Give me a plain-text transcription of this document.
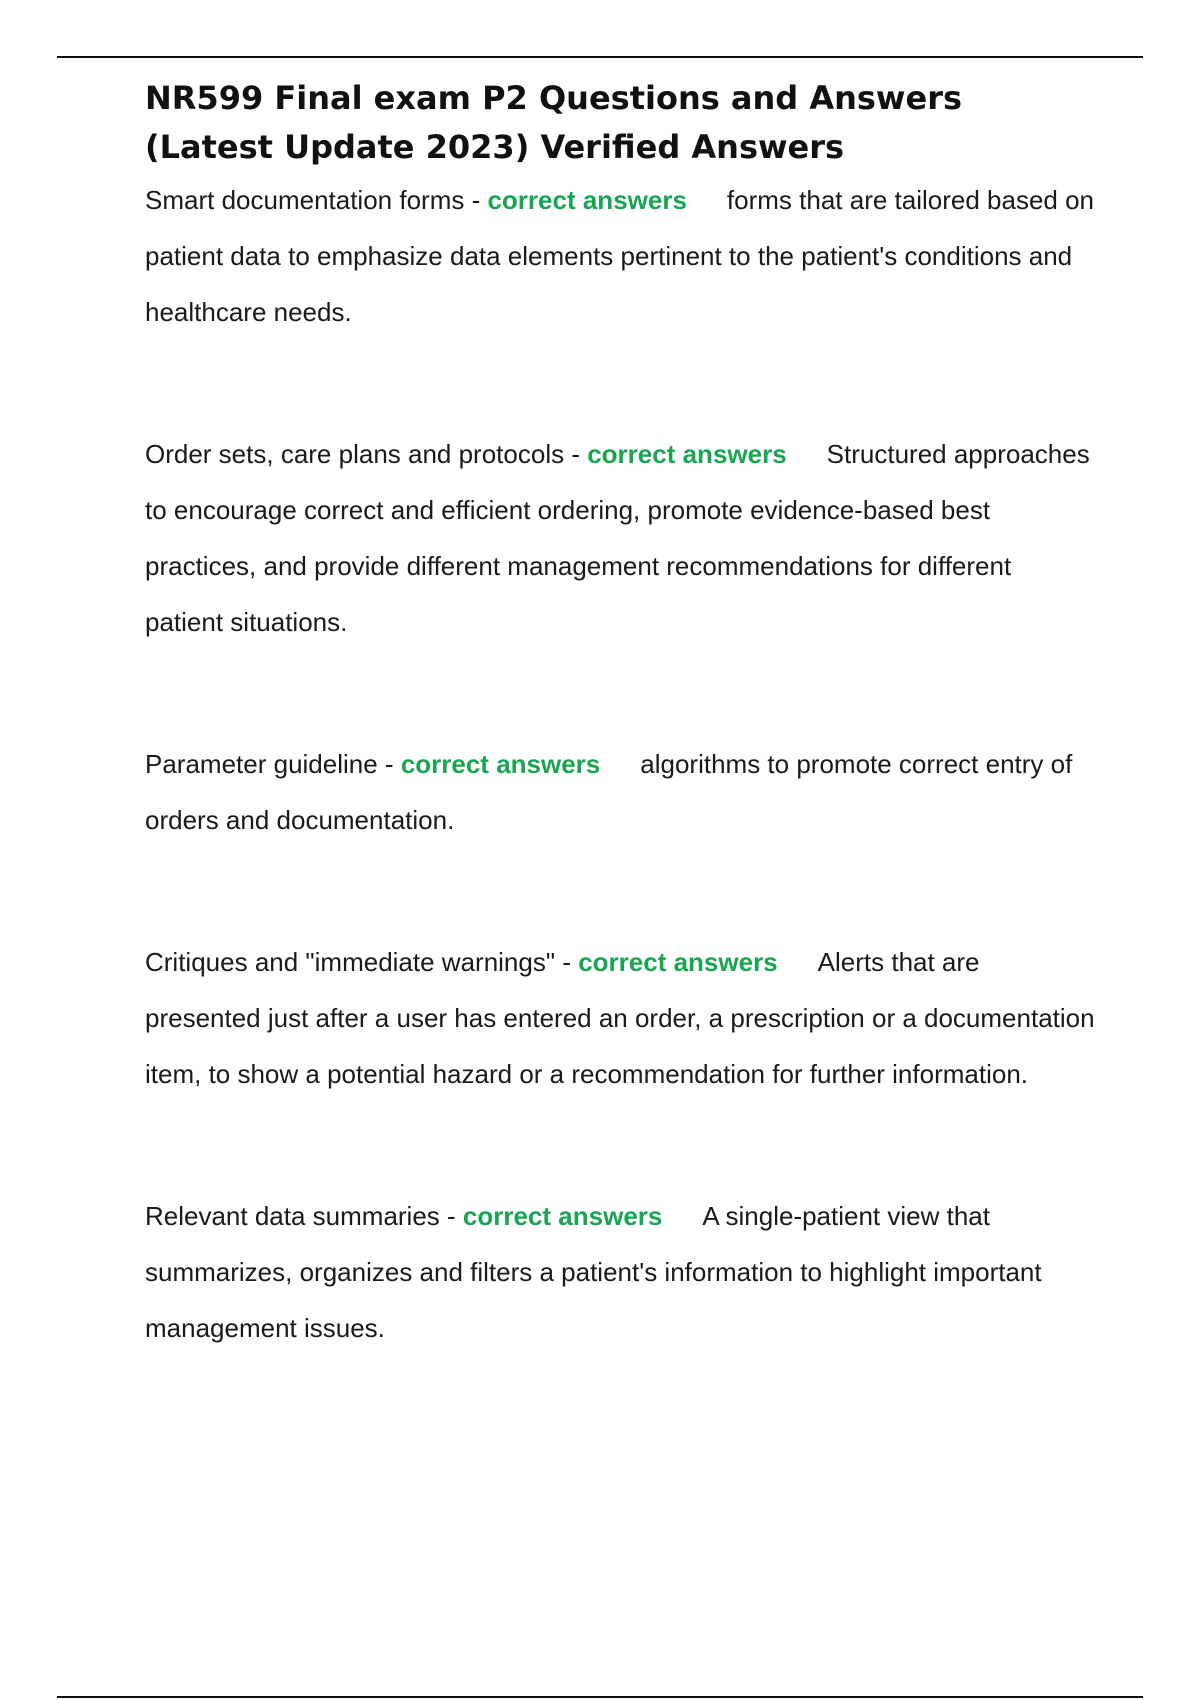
NR599 Final exam P2 Questions and Answers (Latest Update 2023) Verified Answers

Smart documentation forms - correct answers forms that are tailored based on patient data to emphasize data elements pertinent to the patient's conditions and healthcare needs.

Order sets, care plans and protocols - correct answers Structured approaches to encourage correct and efficient ordering, promote evidence-based best practices, and provide different management recommendations for different patient situations.

Parameter guideline - correct answers algorithms to promote correct entry of orders and documentation.

Critiques and "immediate warnings" - correct answers Alerts that are presented just after a user has entered an order, a prescription or a documentation item, to show a potential hazard or a recommendation for further information.

Relevant data summaries - correct answers A single-patient view that summarizes, organizes and filters a patient's information to highlight important management issues.
